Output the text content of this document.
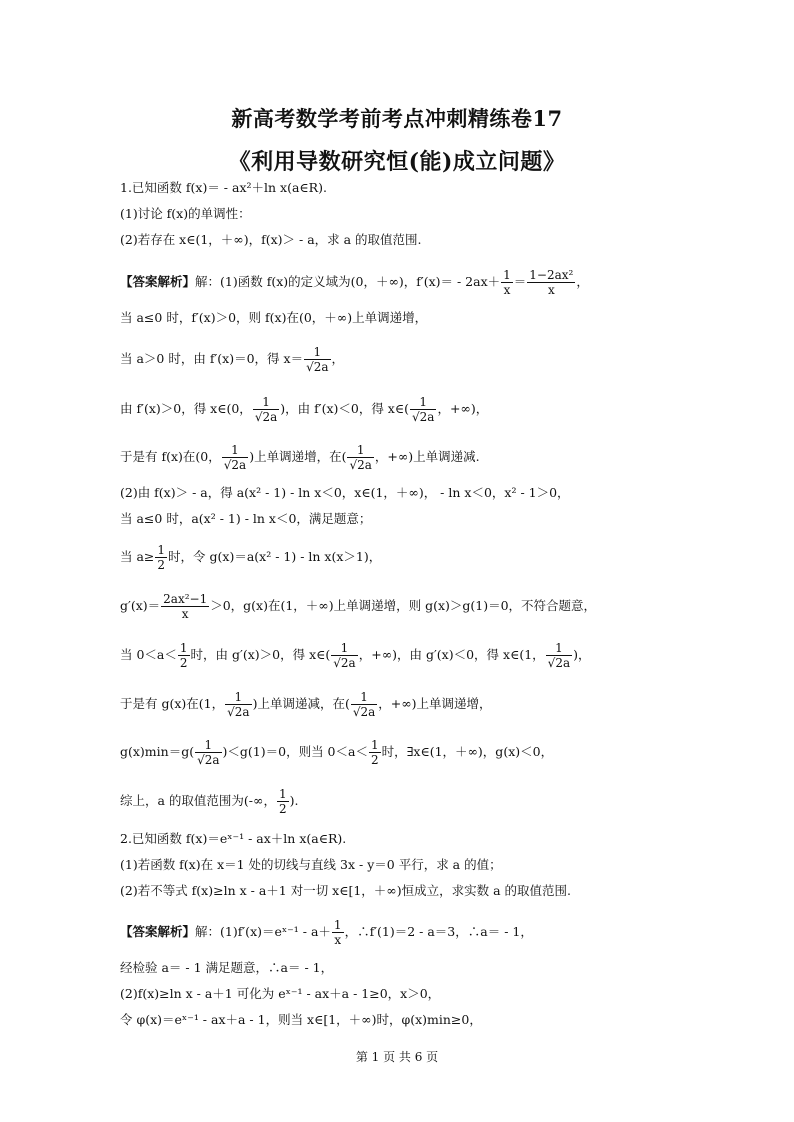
新高考数学考前考点冲刺精练卷17
《利用导数研究恒(能)成立问题》
1.已知函数 f(x)＝ - ax²＋ln x(a∈R).
(1)讨论 f(x)的单调性：
(2)若存在 x∈(1，＋∞)，f(x)＞ - a，求 a 的取值范围.
【答案解析】解：(1)函数 f(x)的定义域为(0，＋∞)，$f'(x)= - 2ax+ \frac{1}{x} = \frac{\text{1−2ax²}}{x}$ ，
当 a≤0 时，f′(x)＞0，则 f(x)在(0，＋∞)上单调递增，
当 a＞0 时，由 f′(x)＝0，得 $x= \frac{1}{√2a}$ ，
由 f′(x)＞0，得 x∈(0， $\frac{1}{√2a}$ )，由 f′(x)＜0，得 x∈( $\frac{1}{√2a}$ ，+∞)，
于是有 f(x)在(0， $\frac{1}{√2a}$ )上单调递增，在( $\frac{1}{√2a}$ ，+∞)上单调递减.
(2)由 f(x)＞ - a，得 a(x² - 1) - ln x＜0，x∈(1，＋∞)， - ln x＜0，x² - 1＞0，
当 a≤0 时，a(x² - 1) - ln x＜0，满足题意；
当 $a\ge \frac{1}{2}$ 时，令 g(x)＝a(x² - 1) - ln x(x＞1)，
$g'(x)= \frac{\text{2ax²−1}}{x} >0$，g(x)在(1，＋∞)上单调递增，则 g(x)＞g(1)＝0，不符合题意，
当 $0<a< \frac{1}{2}$ 时，由 g′(x)＞0，得 x∈( $\frac{1}{√2a}$ ，+∞)，由 g′(x)＜0，得 x∈(1， $\frac{1}{√2a}$ )，
于是有 g(x)在(1， $\frac{1}{√2a}$ )上单调递减，在( $\frac{1}{√2a}$ ，+∞)上单调递增，
$g(x)\min=g( \frac{1}{√2a} )<g(1)=0$，则当 $0<a< \frac{1}{2}$ 时，∃x∈(1，＋∞)，g(x)＜0，
综上，a 的取值范围为(-∞， $\frac{1}{2}$ ).
2.已知函数 f(x)＝eˣ⁻¹ - ax＋ln x(a∈R).
(1)若函数 f(x)在 x＝1 处的切线与直线 3x - y＝0 平行，求 a 的值；
(2)若不等式 f(x)≥ln x - a＋1 对一切 x∈[1，＋∞)恒成立，求实数 a 的取值范围.
【答案解析】解：(1)f′(x)＝eˣ⁻¹ - $a+ \frac{1}{x}$ ，∴f′(1)＝2 - a＝3，∴a＝ - 1，
经检验 a＝ - 1 满足题意，∴a＝ - 1，
(2)f(x)≥ln x - a＋1 可化为 eˣ⁻¹ - ax＋a - 1≥0，x＞0，
令 φ(x)＝eˣ⁻¹ - ax＋a - 1，则当 x∈[1，＋∞)时，φ(x)min≥0，
第 1 页 共 6 页
